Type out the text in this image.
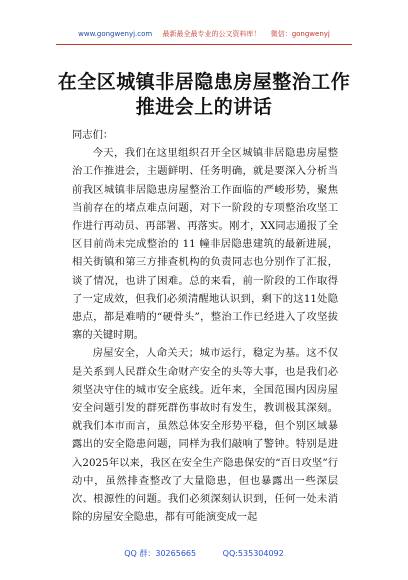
www.gongwenyj.com 最新最全最专业的公文资料库！ 微信：gongwenyj
在全区城镇非居隐患房屋整治工作推进会上的讲话

同志们：

今天，我们在这里组织召开全区城镇非居隐患房屋整治工作推进会，主题鲜明、任务明确，就是要深入分析当前我区城镇非居隐患房屋整治工作面临的严峻形势，聚焦当前存在的堵点难点问题，对下一阶段的专项整治攻坚工作进行再动员、再部署、再落实。刚才，XX同志通报了全区目前尚未完成整治的 11 幢非居隐患建筑的最新进展，相关街镇和第三方排查机构的负责同志也分别作了汇报，谈了情况，也讲了困难。总的来看，前一阶段的工作取得了一定成效，但我们必须清醒地认识到，剩下的这11处隐患点，都是难啃的“硬骨头”，整治工作已经进入了攻坚拔寨的关键时期。

房屋安全，人命关天；城市运行，稳定为基。这不仅是关系到人民群众生命财产安全的头等大事，也是我们必须坚决守住的城市安全底线。近年来，全国范围内因房屋安全问题引发的群死群伤事故时有发生，教训极其深刻。就我们本市而言，虽然总体安全形势平稳，但个别区域暴露出的安全隐患问题，同样为我们敲响了警钟。特别是进入2025年以来，我区在安全生产隐患保安的“百日攻坚”行动中，虽然排查整改了大量隐患，但也暴露出一些深层次、根源性的问题。我们必须深刻认识到，任何一处未消除的房屋安全隐患，都有可能演变成一起

QQ 群：30265665	QQ:535304092
